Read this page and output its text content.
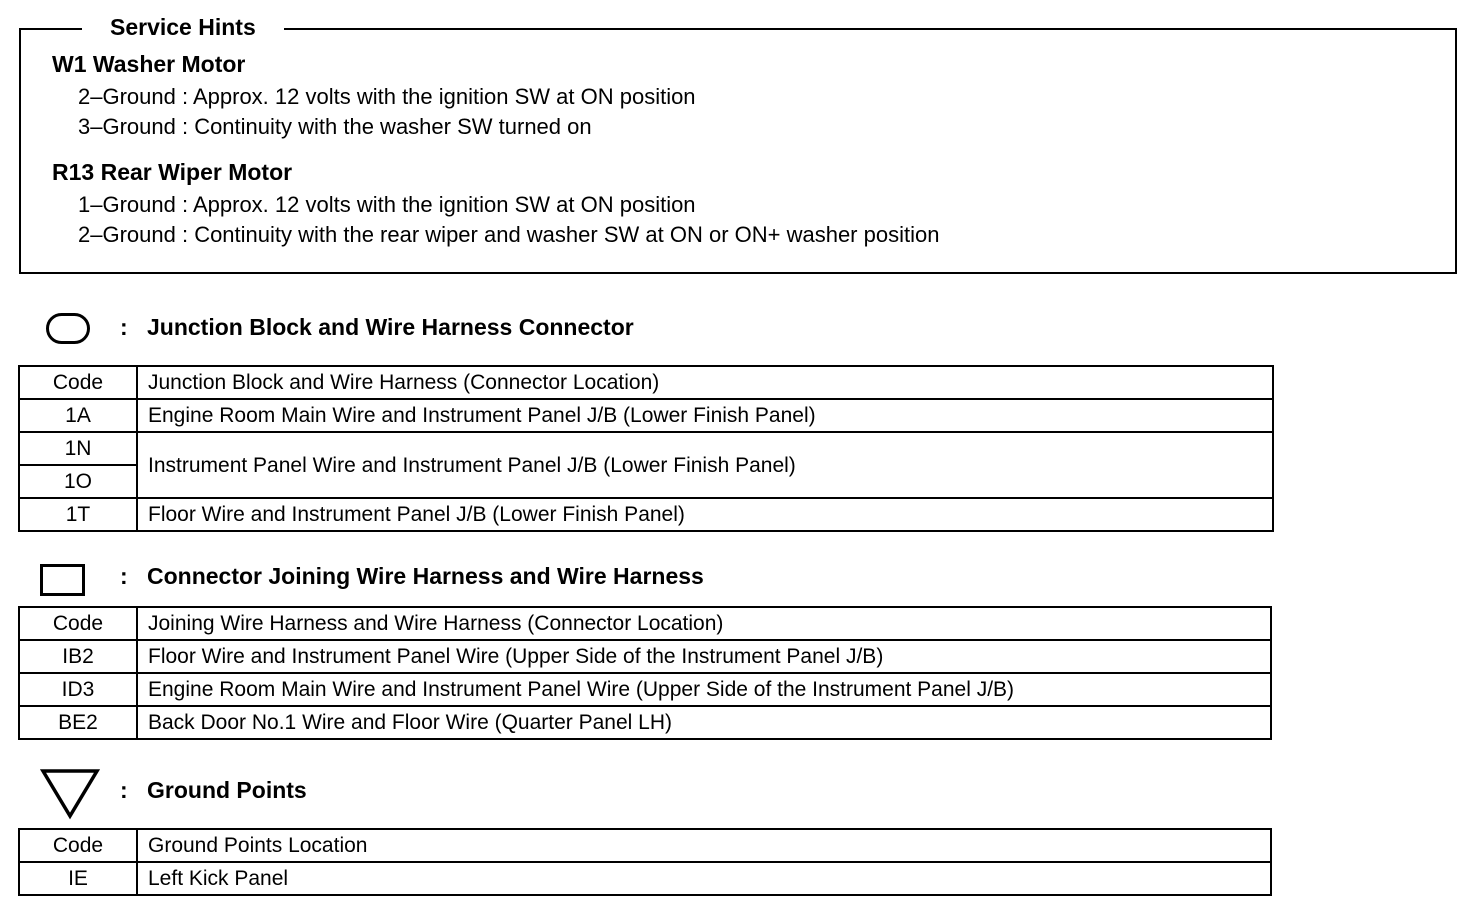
Service Hints
W1 Washer Motor
2–Ground : Approx. 12 volts with the ignition SW at ON position
3–Ground : Continuity with the washer SW turned on
R13 Rear Wiper Motor
1–Ground : Approx. 12 volts with the ignition SW at ON position
2–Ground : Continuity with the rear wiper and washer SW at ON or ON+ washer position
: Junction Block and Wire Harness Connector
Code	Junction Block and Wire Harness (Connector Location)
1A	Engine Room Main Wire and Instrument Panel J/B (Lower Finish Panel)
1N	Instrument Panel Wire and Instrument Panel J/B (Lower Finish Panel)
1O	
1T	Floor Wire and Instrument Panel J/B (Lower Finish Panel)
: Connector Joining Wire Harness and Wire Harness
Code	Joining Wire Harness and Wire Harness (Connector Location)
IB2	Floor Wire and Instrument Panel Wire (Upper Side of the Instrument Panel J/B)
ID3	Engine Room Main Wire and Instrument Panel Wire (Upper Side of the Instrument Panel J/B)
BE2	Back Door No.1 Wire and Floor Wire (Quarter Panel LH)
: Ground Points
Code	Ground Points Location
IE	Left Kick Panel
